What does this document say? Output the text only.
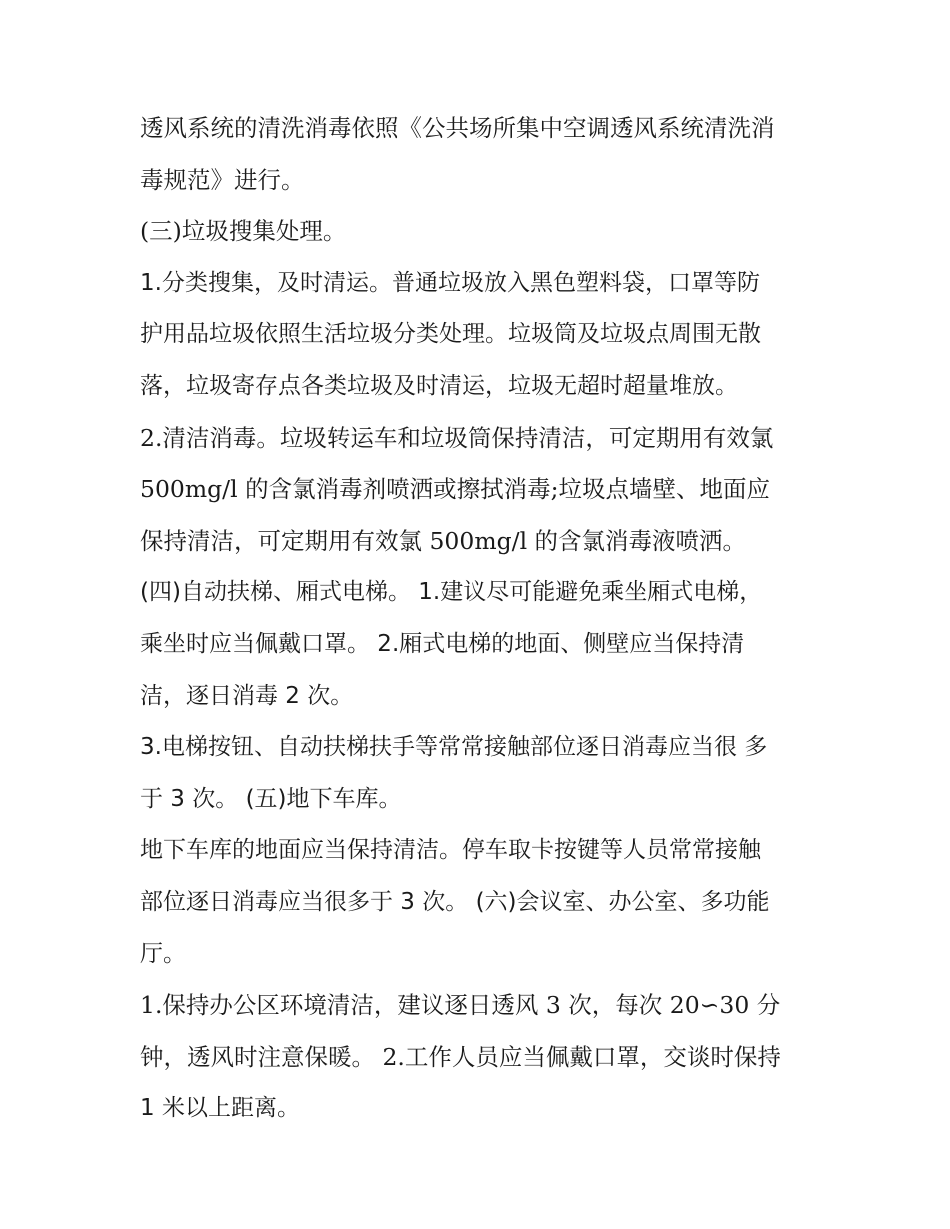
透风系统的清洗消毒依照《公共场所集中空调透风系统清洗消
毒规范》进行。
(三)垃圾搜集处理。
1.分类搜集，及时清运。普通垃圾放入黑色塑料袋，口罩等防
护用品垃圾依照生活垃圾分类处理。垃圾筒及垃圾点周围无散
落，垃圾寄存点各类垃圾及时清运，垃圾无超时超量堆放。
2.清洁消毒。垃圾转运车和垃圾筒保持清洁，可定期用有效氯
500mg/l 的含氯消毒剂喷洒或擦拭消毒;垃圾点墙壁、地面应
保持清洁，可定期用有效氯 500mg/l 的含氯消毒液喷洒。
(四)自动扶梯、厢式电梯。 1.建议尽可能避免乘坐厢式电梯，
乘坐时应当佩戴口罩。 2.厢式电梯的地面、侧壁应当保持清
洁，逐日消毒 2 次。
3.电梯按钮、自动扶梯扶手等常常接触部位逐日消毒应当很 多
于 3 次。 (五)地下车库。
地下车库的地面应当保持清洁。停车取卡按键等人员常常接触
部位逐日消毒应当很多于 3 次。 (六)会议室、办公室、多功能
厅。
1.保持办公区环境清洁，建议逐日透风 3 次，每次 20∽30 分
钟，透风时注意保暖。 2.工作人员应当佩戴口罩，交谈时保持
1 米以上距离。
